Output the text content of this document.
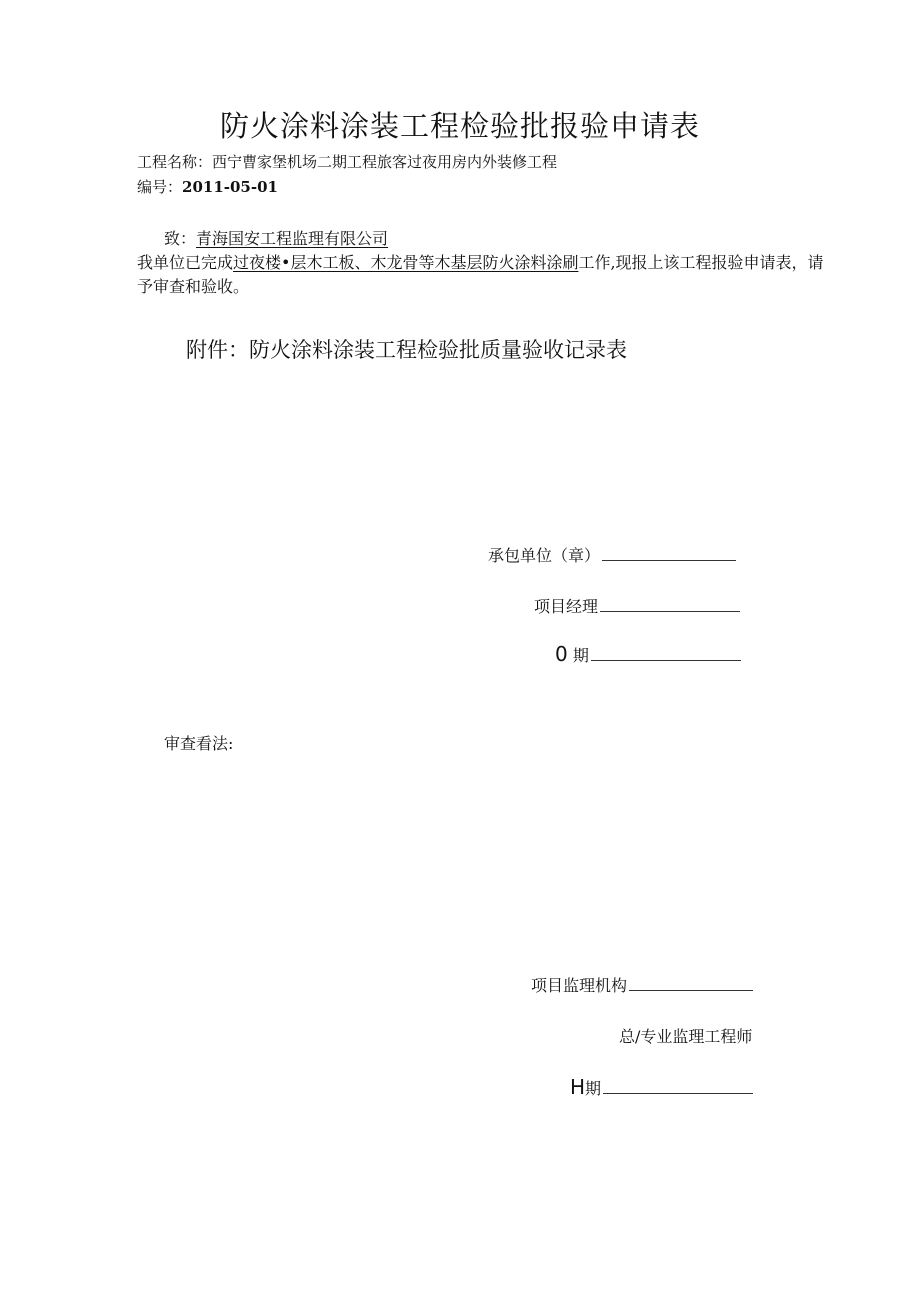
防火涂料涂装工程检验批报验申请表
工程名称：西宁曹家堡机场二期工程旅客过夜用房内外装修工程
编号：2011-05-01
致：青海国安工程监理有限公司
我单位已完成过夜楼•层木工板、木龙骨等木基层防火涂料涂刷工作,现报上该工程报验申请表，请
予审查和验收。
附件：防火涂料涂装工程检验批质量验收记录表
承包单位（章）
项目经理
0 期
审查看法:
项目监理机构
总/专业监理工程师
H期
